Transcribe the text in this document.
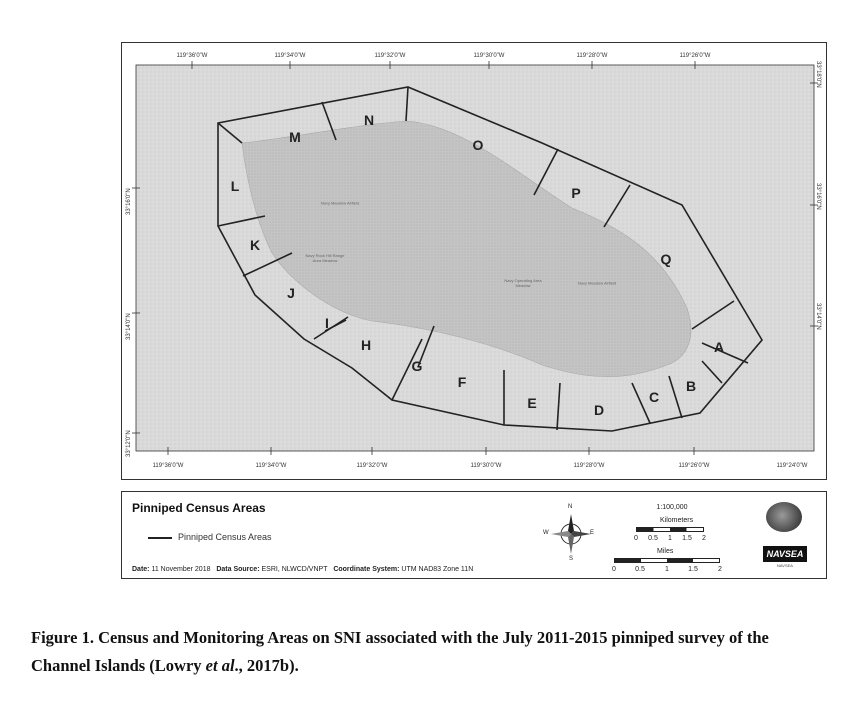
119°36'0"W	119°34'0"W	119°32'0"W	119°30'0"W	119°28'0"W	119°26'0"W
119°36'0"W	119°34'0"W	119°32'0"W	119°30'0"W	119°28'0"W	119°26'0"W	119°24'0"W
33°16'0"N
33°14'0"N
33°12'0"N
33°18'0"N
33°16'0"N
33°14'0"N
A
B
C
D
E
F
G
H
I
J
K
L
M
N
O
P
Q
Navy Meadow Airfield
Navy Rock Hill Range Area Meadow
Navy Operating Area Meadow	Navy Meadow Airfield
Pinniped Census Areas
Pinniped Census Areas
Date: 11 November 2018 Data Source: ESRI, NLWCD/VNPT Coordinate System: UTM NAD83 Zone 11N
N
S
E
W
1:100,000
Kilometers
0 0.5 1 1.5 2
Miles
0	0.5	1	1.5	2
NAVSEA
NAVSEA
Figure 1. Census and Monitoring Areas on SNI associated with the July 2011-2015 pinniped survey of the Channel Islands (Lowry et al., 2017b).
